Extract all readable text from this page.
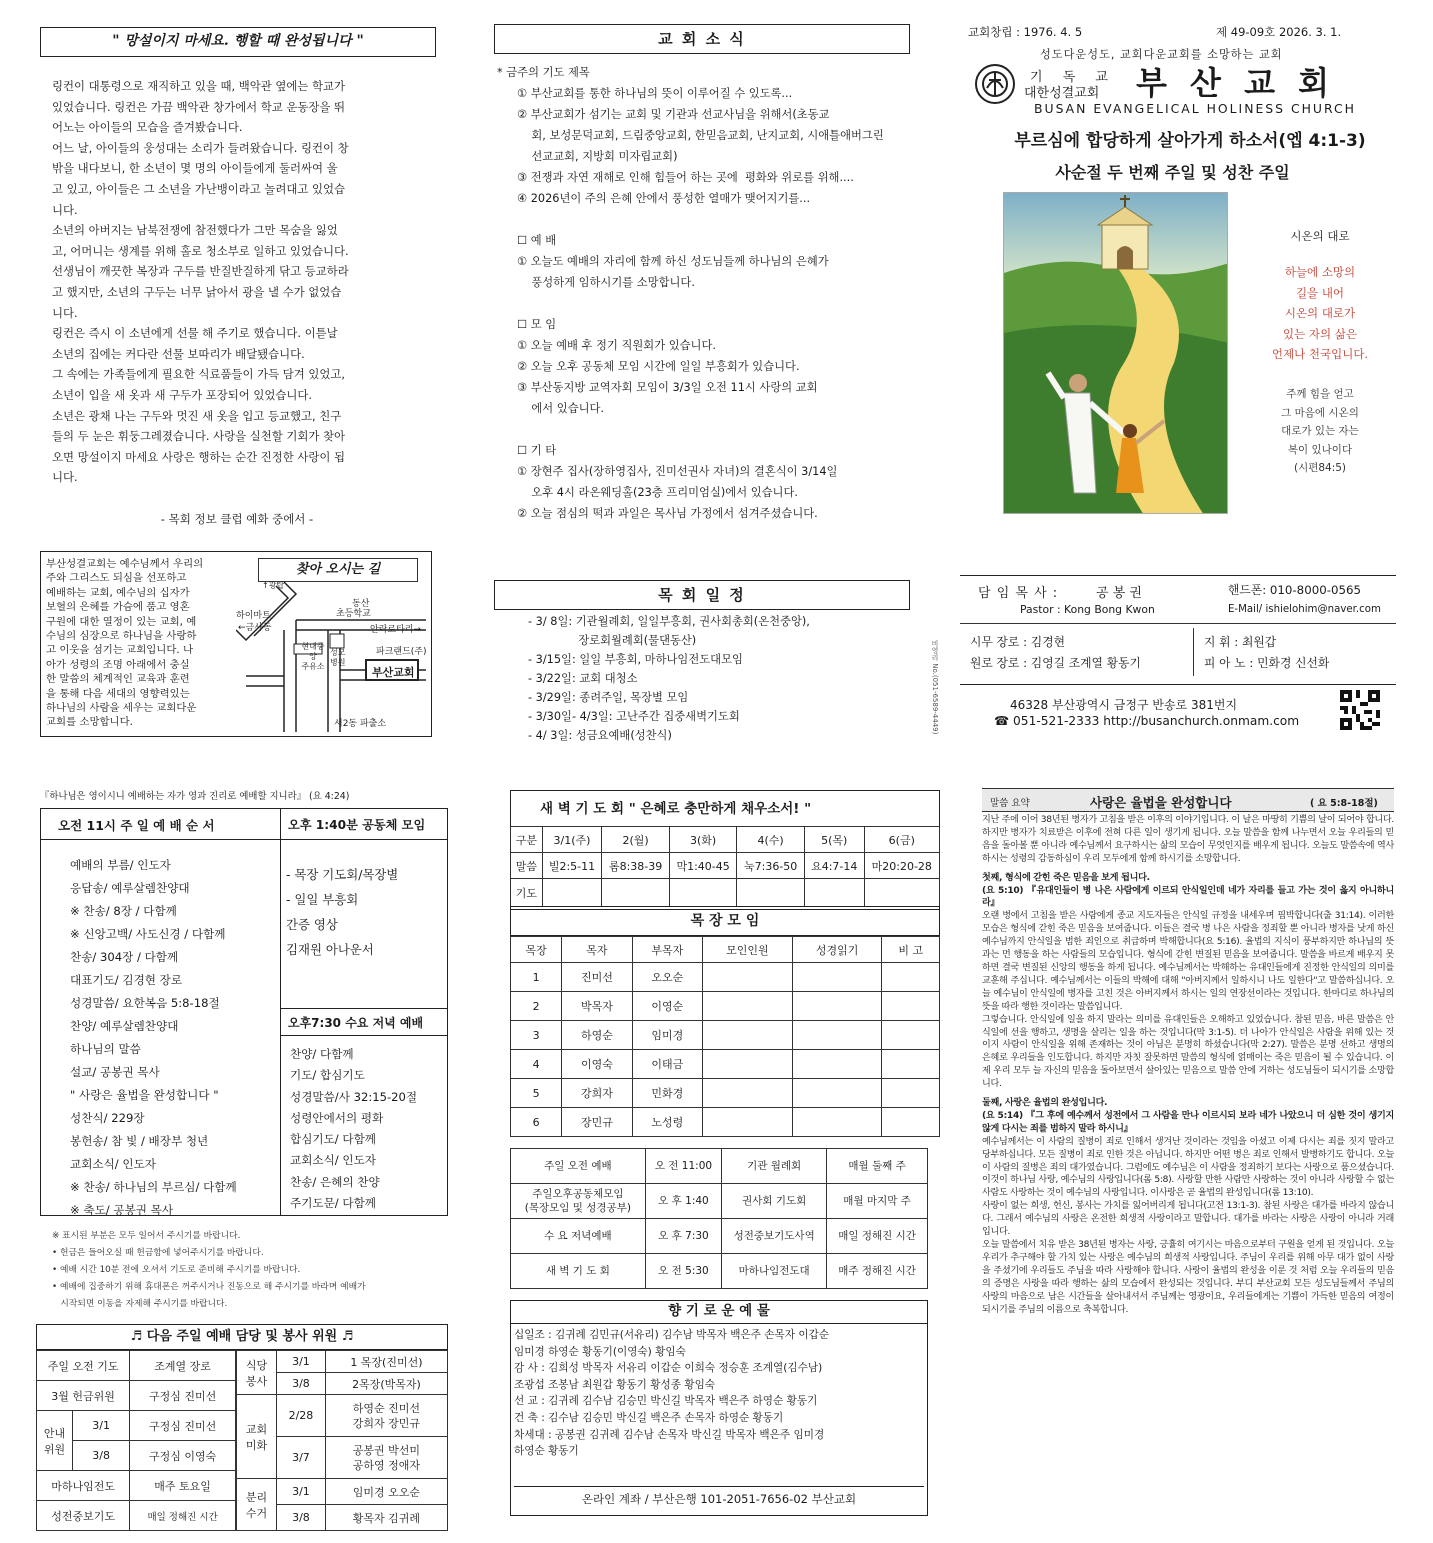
" 망설이지 마세요. 행할 때 완성됩니다 "
링컨이 대통령으로 재직하고 있을 때, 백악관 옆에는 학교가
있었습니다. 링컨은 가끔 백악관 창가에서 학교 운동장을 뛰
어노는 아이들의 모습을 즐겨봤습니다.
어느 날, 아이들의 웅성대는 소리가 들려왔습니다. 링컨이 창
밖을 내다보니, 한 소년이 몇 명의 아이들에게 둘러싸여 울
고 있고, 아이들은 그 소년을 가난뱅이라고 놀려대고 있었습
니다.
소년의 아버지는 남북전쟁에 참전했다가 그만 목숨을 잃었
고, 어머니는 생계를 위해 홀로 청소부로 일하고 있었습니다.
선생님이 깨끗한 복장과 구두를 반질반질하게 닦고 등교하라
고 했지만, 소년의 구두는 너무 낡아서 광을 낼 수가 없었습
니다.
링컨은 즉시 이 소년에게 선물 해 주기로 했습니다. 이튿날
소년의 집에는 커다란 선물 보따리가 배달됐습니다.
그 속에는 가족들에게 필요한 식료품들이 가득 담겨 있었고,
소년이 입을 새 옷과 새 구두가 포장되어 있었습니다.
소년은 광채 나는 구두와 멋진 새 옷을 입고 등교했고, 친구
들의 두 눈은 휘둥그레졌습니다. 사랑을 실천할 기회가 찾아
오면 망설이지 마세요 사랑은 행하는 순간 진정한 사랑이 됩
니다.
- 목회 정보 클럽 예화 중에서 -
부산성결교회는 예수님께서 우리의
주와 그리스도 되심을 선포하고
예배하는 교회, 예수님의 십자가
보혈의 은혜를 가슴에 품고 영혼
구원에 대한 열정이 있는 교회, 예
수님의 심장으로 하나님을 사랑하
고 이웃을 섬기는 교회입니다. 나
아가 성령의 조명 아래에서 충실
한 말씀의 체계적인 교육과 훈련
을 통해 다음 세대의 영향력있는
하나님의 사람을 세우는 교회다운
교회를 소망합니다.
찾아 오시는 길
하이마트
←금사동
↑광탑
동산
초등학교
안락로타리→
파크랜드(주)
현대중앙
주유소
성모
병원
부산교회
서2동 파출소
교 회 소 식
* 금주의 기도 제목
① 부산교회를 통한 하나님의 뜻이 이루어질 수 있도록...
② 부산교회가 섬기는 교회 및 기관과 선교사님을 위해서(초동교
회, 보성문덕교회, 드림중앙교회, 한믿음교회, 난지교회, 시애틀애버그린
선교교회, 지방회 미자립교회)
③ 전쟁과 자연 재해로 인해 힘들어 하는 곳에  평화와 위로를 위해....
④ 2026년이 주의 은혜 안에서 풍성한 열매가 맺어지기를...
☐ 예 배
① 오늘도 예배의 자리에 함께 하신 성도님들께 하나님의 은혜가
풍성하게 임하시기를 소망합니다.
☐ 모 임
① 오늘 예배 후 정기 직원회가 있습니다.
② 오늘 오후 공동체 모임 시간에 일일 부흥회가 있습니다.
③ 부산동지방 교역자회 모임이 3/3일 오전 11시 사랑의 교회
에서 있습니다.
☐ 기 타
① 장현주 집사(장하영집사, 진미선권사 자녀)의 결혼식이 3/14일
오후 4시 라온웨딩홀(23층 프리미엄실)에서 있습니다.
② 오늘 점심의 떡과 과일은 목사님 가정에서 섬겨주셨습니다.
목 회 일 정
- 3/ 8일: 기관월례회, 일일부흥회, 권사회총회(온천중앙),
장로회월례회(물댄동산)
- 3/15일: 일일 부흥회, 마하나임전도대모임
- 3/22일: 교회 대청소
- 3/29일: 종려주일, 목장별 모임
- 3/30일- 4/3일: 고난주간 집중새벽기도회
- 4/ 3일: 성금요예배(성찬식)
비영리 No.(051-6589-4449)
교회창립 : 1976. 4. 5	제 49-09호 2026. 3. 1.
성도다운성도, 교회다운교회를 소망하는 교회
기 독 교
대한성결교회 부 산 교 회
BUSAN EVANGELICAL HOLINESS CHURCH
부르심에 합당하게 살아가게 하소서(엡 4:1-3)
사순절 두 번째 주일 및 성찬 주일
시온의 대로
하늘에 소망의
길을 내어
시온의 대로가
있는 자의 삶은
언제나 천국입니다.
주께 힘을 얻고
그 마음에 시온의
대로가 있는 자는
복이 있나이다
(시편84:5)
담 임 목 사 :	공 봉 권	핸드폰: 010-8000-0565
Pastor : Kong Bong Kwon	E-Mail/ ishielohim@naver.com
시무 장로 : 김경현
원로 장로 : 김영길 조계열 황동기
지 휘 : 최원갑
피 아 노 : 민화경 신선화
46328 부산광역시 금정구 반송로 381번지
☎ 051-521-2333 http://busanchurch.onmam.com
『하나님은 영이시니 예배하는 자가 영과 진리로 예배할 지니라』 (요 4:24)
오전 11시 주 일 예 배 순 서
예배의 부름/ 인도자
응답송/ 예루살렘찬양대
※ 찬송/ 8장 / 다함께
※ 신앙고백/ 사도신경 / 다함께
찬송/ 304장 / 다함께
대표기도/ 김경현 장로
성경말씀/ 요한복음 5:8-18절
찬양/ 예루살렘찬양대
하나님의 말씀
설교/ 공봉권 목사
" 사랑은 율법을 완성합니다 "
성찬식/ 229장
봉헌송/ 참 빛 / 배장부 청년
교회소식/ 인도자
※ 찬송/ 하나님의 부르심/ 다함께
※ 축도/ 공봉권 목사
오후 1:40분 공동체 모임
- 목장 기도회/목장별
- 일일 부흥회
간증 영상
김재원 아나운서
오후7:30 수요 저녁 예배
찬양/ 다함께
기도/ 합심기도
성경말씀/사 32:15-20절
성령안에서의 평화
합심기도/ 다함께
교회소식/ 인도자
찬송/ 은혜의 찬양
주기도문/ 다함께
※ 표시된 부분은 모두 일어서 주시기를 바랍니다.
• 헌금은 들어오실 때 헌금함에 넣어주시기를 바랍니다.
• 예배 시간 10분 전에 오셔서 기도로 준비해 주시기를 바랍니다.
• 예배에 집중하기 위해 휴대폰은 꺼주시거나 진동으로 해 주시기를 바라며 예배가
시작되면 이동을 자제해 주시기를 바랍니다.
♬ 다음 주일 예배 담당 및 봉사 위원 ♬
주일 오전 기도		조계열 장로
3월 헌금위원		구정심 진미선
안내 위원	3/1	구정심 진미선
	3/8	구정심 이영숙
마하나임전도		매주 토요일
성전중보기도		매일 정해진 시간
식당 봉사	3/1	1 목장(진미선)
	3/8	2목장(박목자)
교회 미화	2/28	하영순 진미선
강희자 장민규
	3/7	공봉권 박선미
공하영 정애자
분리 수거	3/1	임미경 오오순
	3/8	황목자 김귀례
새 벽 기 도 회 " 은혜로 충만하게 채우소서! "
구분	3/1(주)	2(월)	3(화)	4(수)	5(목)	6(금)
말씀	빌2:5-11	롬8:38-39	막1:40-45	눅7:36-50	요4:7-14	마20:20-28
기도						
목 장 모 임
목장	목자	부목자	모인인원	성경읽기	비 고
1	진미선	오오순			
2	박목자	이영순			
3	하영순	임미경			
4	이영숙	이태금			
5	강희자	민화경			
6	장민규	노성령			
주일 오전 예배	오 전 11:00	기관 월례회	매월 둘째 주
주일오후공동체모임
(목장모임 및 성경공부)	오 후 1:40	권사회 기도회	매월 마지막 주
수 요 저녁예배	오 후 7:30	성전중보기도사역	매일 정해진 시간
새 벽 기 도 회	오 전 5:30	마하나임전도대	매주 정해진 시간
향 기 로 운 예 물
십일조 : 김귀례 김민규(서유리) 김수남 박목자 백은주 손목자 이갑순
임미경 하영순 황동기(이영숙) 황임숙
감 사 : 김희성 박목자 서유리 이갑순 이희숙 정승훈 조계열(김수남)
조광섭 조봉남 최원갑 황동기 황성종 황임숙
선 교 : 김귀례 김수남 김승민 박신길 박목자 백은주 하영순 황동기
건 축 : 김수남 김승민 박신길 백은주 손목자 하영순 황동기
차세대 : 공봉권 김귀례 김수남 손목자 박신길 박목자 백은주 임미경
하영순 황동기
온라인 계좌 / 부산은행 101-2051-7656-02 부산교회
말씀 요약	사랑은 율법을 완성합니다	( 요 5:8-18절)

지난 주에 이어 38년된 병자가 고침을 받은 이후의 이야기입니다. 이 날은 마땅히 기쁨의 날이 되어야 합니다. 하지만 병자가 치료받은 이후에 전혀 다른 일이 생기게 됩니다. 오늘 말씀을 함께 나누면서 오늘 우리들의 믿음을 돌아볼 뿐 아니라 예수님께서 요구하시는 삶의 모습이 무엇인지를 배우게 됩니다. 오늘도 말씀속에 역사하시는 성령의 감동하심이 우리 모두에게 함께 하시기를 소망합니다.

첫째, 형식에 갇힌 죽은 믿음을 보게 됩니다.

(요 5:10) 『유대인들이 병 나은 사람에게 이르되 안식일인데 네가 자리를 들고 가는 것이 옳지 아니하니라』

오랜 병에서 고침을 받은 사람에게 종교 지도자들은 안식일 규정을 내세우며 핍박합니다(출 31:14). 이러한 모습은 형식에 갇힌 죽은 믿음을 보여줍니다. 이들은 결국 병 나은 사람을 정죄할 뿐 아니라 병자를 낫게 하신 예수님까지 안식일을 범한 죄인으로 취급하며 박해합니다(요 5:16). 율법의 지식이 풍부하지만 하나님의 뜻과는 먼 행동을 하는 사람들의 모습입니다. 형식에 갇힌 변질된 믿음을 보여줍니다. 말씀을 바르게 배우지 못하면 결국 변질된 신앙의 행동을 하게 됩니다. 예수님께서는 박해하는 유대인들에게 진정한 안식일의 의미를 교훈해 주십니다. 예수님께서는 이들의 박해에 대해 "아버지께서 일하시니 나도 일한다"고 말씀하십니다. 오늘 예수님이 안식일에 병자를 고친 것은 아버지께서 하시는 일의 연장선이라는 것입니다. 한마디로 하나님의 뜻을 따라 행한 것이라는 말씀입니다.

그렇습니다. 안식일에 일을 하지 말라는 의미를 유대인들은 오해하고 있었습니다. 참된 믿음, 바른 말씀은 안식일에 선을 행하고, 생명을 살리는 일을 하는 것입니다(막 3:1-5). 더 나아가 안식일은 사람을 위해 있는 것이지 사람이 안식일을 위해 존재하는 것이 아님은 분명히 하셨습니다(막 2:27). 말씀은 분명 선하고 생명의 은혜로 우리들을 인도합니다. 하지만 자칫 잘못하면 말씀의 형식에 얽매이는 죽은 믿음이 될 수 있습니다. 이제 우리 모두 늘 자신의 믿음을 돌아보면서 살아있는 믿음으로 말씀 안에 거하는 성도님들이 되시기를 소망합니다.

둘째, 사랑은 율법의 완성입니다.

(요 5:14) 『그 후에 예수께서 성전에서 그 사람을 만나 이르시되 보라 네가 나았으니 더 심한 것이 생기지 않게 다시는 죄를 범하지 말라 하시니』

예수님께서는 이 사람의 질병이 죄로 인해서 생겨난 것이라는 것임을 아셨고 이제 다시는 죄를 짓지 말라고 당부하십니다. 모든 질병이 죄로 인한 것은 아닙니다. 하지만 어떤 병은 죄로 인해서 발병하기도 합니다. 오늘 이 사람의 질병은 죄의 대가였습니다. 그럼에도 예수님은 이 사람을 정죄하기 보다는 사랑으로 품으셨습니다. 이것이 하나님 사랑, 예수님의 사랑입니다(롬 5:8). 사랑할 만한 사람만 사랑하는 것이 아니라 사랑할 수 없는 사람도 사랑하는 것이 예수님의 사랑입니다. 이사랑은 곧 율법의 완성입니다(롬 13:10).

사랑이 없는 희생, 헌신, 봉사는 가치를 잃어버리게 됩니다(고전 13:1-3). 참된 사랑은 대가를 바라지 않습니다. 그래서 예수님의 사랑은 온전한 희생적 사랑이라고 말합니다. 대가를 바라는 사랑은 사랑이 아니라 거래입니다.

오늘 말씀에서 치유 받은 38년된 병자는 사랑, 긍휼히 여기시는 마음으로부터 구원을 얻게 된 것입니다. 오늘 우리가 추구해야 할 가치 있는 사랑은 예수님의 희생적 사랑입니다. 주님이 우리를 위해 아무 대가 없이 사랑을 주셨기에 우리들도 주님을 따라 사랑해야 합니다. 사랑이 율법의 완성을 이룬 것 처럼 오늘 우리들의 믿음의 증명은 사랑을 따라 행하는 삶의 모습에서 완성되는 것입니다. 부디 부산교회 모든 성도님들께서 주님의 사랑의 마음으로 남은 시간들을 살아내셔서 주님께는 영광이요, 우리들에게는 기쁨이 가득한 믿음의 여정이 되시기를 주님의 이름으로 축복합니다.
